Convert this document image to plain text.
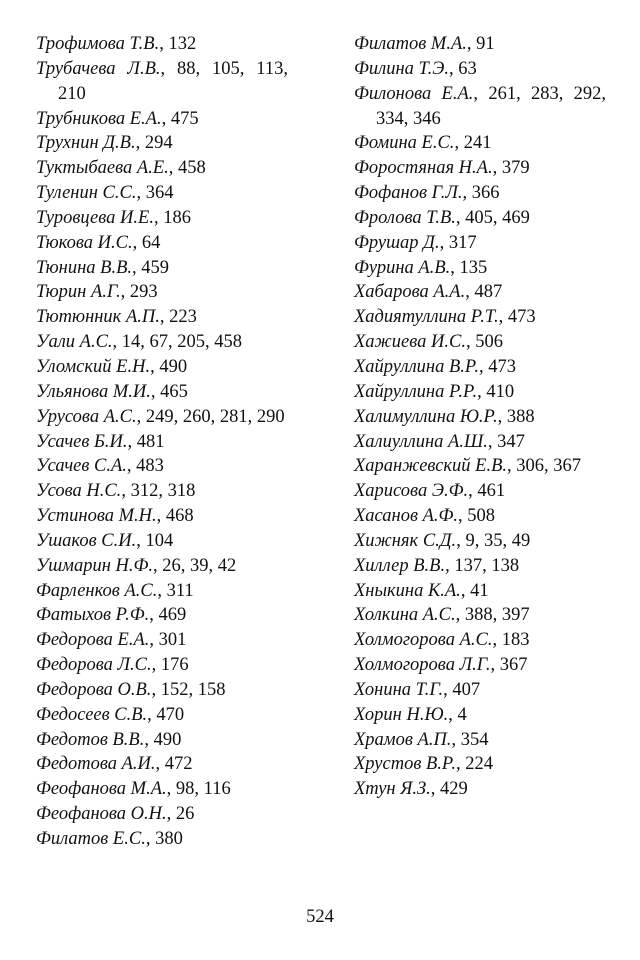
Трофимова Т.В., 132

Трубачева Л.В., 88, 105, 113, 210

Трубникова Е.А., 475

Трухнин Д.В., 294

Туктыбаева А.Е., 458

Туленин С.С., 364

Туровцева И.Е., 186

Тюкова И.С., 64

Тюнина В.В., 459

Тюрин А.Г., 293

Тютюнник А.П., 223

Уали А.С., 14, 67, 205, 458

Уломский Е.Н., 490

Ульянова М.И., 465

Урусова А.С., 249, 260, 281, 290

Усачев Б.И., 481

Усачев С.А., 483

Усова Н.С., 312, 318

Устинова М.Н., 468

Ушаков С.И., 104

Ушмарин Н.Ф., 26, 39, 42

Фарленков А.С., 311

Фатыхов Р.Ф., 469

Федорова Е.А., 301

Федорова Л.С., 176

Федорова О.В., 152, 158

Федосеев С.В., 470

Федотов В.В., 490

Федотова А.И., 472

Феофанова М.А., 98, 116

Феофанова О.Н., 26

Филатов Е.С., 380

Филатов М.А., 91

Филина Т.Э., 63

Филонова Е.А., 261, 283, 292, 334, 346

Фомина Е.С., 241

Форостяная Н.А., 379

Фофанов Г.Л., 366

Фролова Т.В., 405, 469

Фрушар Д., 317

Фурина А.В., 135

Хабарова А.А., 487

Хадиятуллина Р.Т., 473

Хажиева И.С., 506

Хайруллина В.Р., 473

Хайруллина Р.Р., 410

Халимуллина Ю.Р., 388

Халиуллина А.Ш., 347

Харанжевский Е.В., 306, 367

Харисова Э.Ф., 461

Хасанов А.Ф., 508

Хижняк С.Д., 9, 35, 49

Хиллер В.В., 137, 138

Хныкина К.А., 41

Холкина А.С., 388, 397

Холмогорова А.С., 183

Холмогорова Л.Г., 367

Хонина Т.Г., 407

Хорин Н.Ю., 4

Храмов А.П., 354

Хрустов В.Р., 224

Хтун Я.З., 429

524
